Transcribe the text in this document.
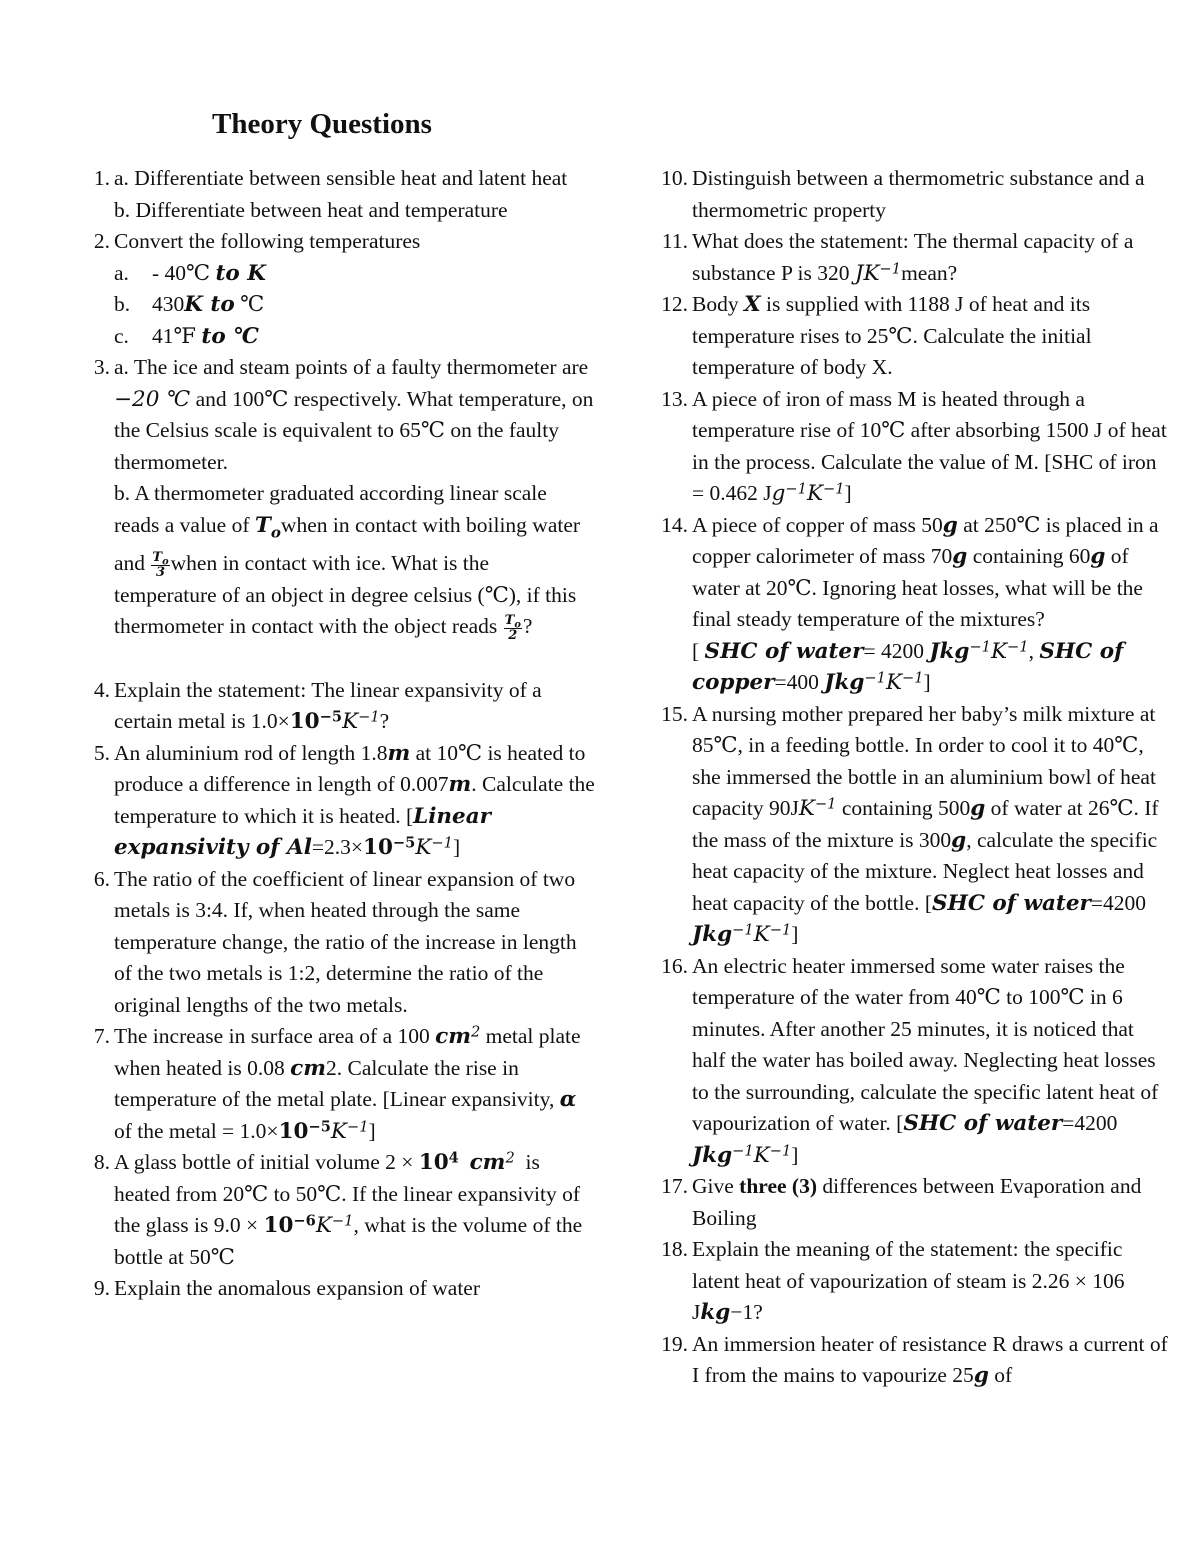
Theory Questions
1. a. Differentiate between sensible heat and latent heat
b. Differentiate between heat and temperature
2. Convert the following temperatures
a. - 40℃ to K
b. 430K to ℃
c. 41℉ to ℃
3. a. The ice and steam points of a faulty thermometer are −20 ℃ and 100℃ respectively. What temperature, on the Celsius scale is equivalent to 65℃ on the faulty thermometer.
b. A thermometer graduated according linear scale reads a value of $T_owhen$ in contact with boiling water and $\frac{T_o}{3}$ when in contact with ice. What is the temperature of an object in degree celsius (℃), if this thermometer in contact with the object reads $\frac{T_o}{2}$ ?
4. Explain the statement: The linear expansivity of a certain metal is $1.0\times 10^{-5}K^{-1}$?
5. An aluminium rod of length 1.8m at 10℃ is heated to produce a difference in length of 0.007m. Calculate the temperature to which it is heated. [Linear expansivity of $Al=2.3\times 10^{-5}K^{-1}$]
6. The ratio of the coefficient of linear expansion of two metals is 3:4. If, when heated through the same temperature change, the ratio of the increase in length of the two metals is 1:2, determine the ratio of the original lengths of the two metals.
7. The increase in surface area of a 100 $cm^2$ metal plate when heated is 0.08 cm2. Calculate the rise in temperature of the metal plate. [Linear expansivity, α of the metal = $1.0\times 10^{-5}K^{-1}$]
8. A glass bottle of initial volume $2 \times 10^4$ $cm^2$ is heated from 20℃ to 50℃. If the linear expansivity of the glass is $9.0 \times 10^{-6}K^{-1}$, what is the volume of the bottle at 50℃
9. Explain the anomalous expansion of water
10. Distinguish between a thermometric substance and a thermometric property
11. What does the statement: The thermal capacity of a substance P is 320 $JK^{-1}mean$?
12. Body X is supplied with 1188 J of heat and its temperature rises to 25℃. Calculate the initial temperature of body X.
13. A piece of iron of mass M is heated through a temperature rise of 10℃ after absorbing 1500 J of heat in the process. Calculate the value of M. [SHC of iron = 0.462 $Jg^{-1}K^{-1}$]
14. A piece of copper of mass 50g at 250℃ is placed in a copper calorimeter of mass 70g containing 60g of water at 20℃. Ignoring heat losses, what will be the final steady temperature of the mixtures?
[ SHC of water= 4200 $Jkg^{-1}K^{-1}$, SHC of copper=400 $Jkg^{-1}K^{-1}$]
15. A nursing mother prepared her baby’s milk mixture at 85℃, in a feeding bottle. In order to cool it to 40℃, she immersed the bottle in an aluminium bowl of heat capacity $90JK^{-1}$ containing 500g of water at 26℃. If the mass of the mixture is 300g, calculate the specific heat capacity of the mixture. Neglect heat losses and heat capacity of the bottle. [SHC of water=4200 $Jkg^{-1}K^{-1}$]
16. An electric heater immersed some water raises the temperature of the water from 40℃ to 100℃ in 6 minutes. After another 25 minutes, it is noticed that half the water has boiled away. Neglecting heat losses to the surrounding, calculate the specific latent heat of vapourization of water. [SHC of water=4200 $Jkg^{-1}K^{-1}$]
17. Give three (3) differences between Evaporation and Boiling
18. Explain the meaning of the statement: the specific latent heat of vapourization of steam is 2.26 × 106 Jkg−1?
19. An immersion heater of resistance R draws a current of I from the mains to vapourize 25g of
